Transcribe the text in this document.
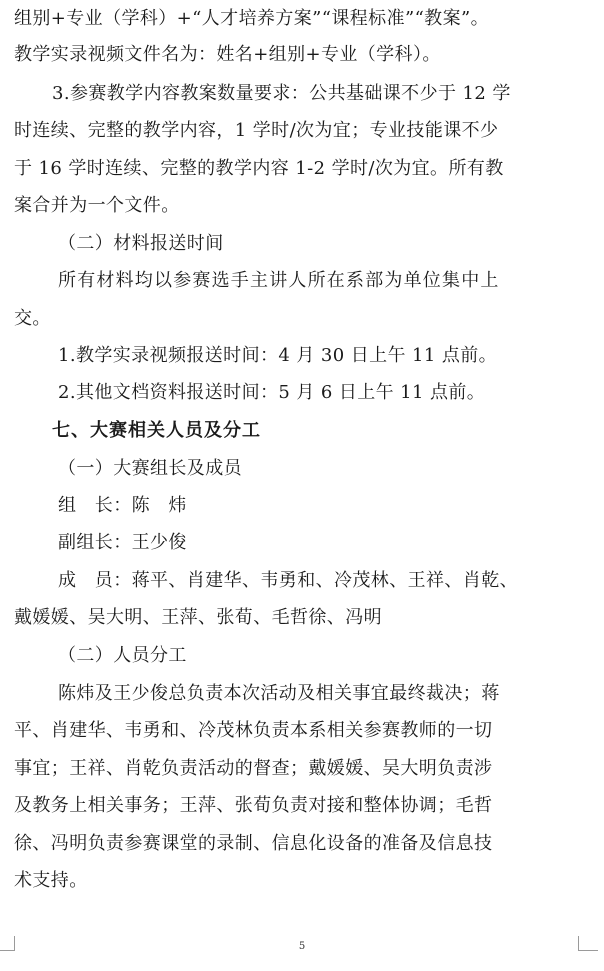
组别+专业（学科）+“人才培养方案”“课程标准”“教案”。
教学实录视频文件名为：姓名+组别+专业（学科）。
3.参赛教学内容教案数量要求：公共基础课不少于 12 学
时连续、完整的教学内容，1 学时/次为宜；专业技能课不少
于 16 学时连续、完整的教学内容 1-2 学时/次为宜。所有教
案合并为一个文件。
（二）材料报送时间
所有材料均以参赛选手主讲人所在系部为单位集中上
交。
1.教学实录视频报送时间：4 月 30 日上午 11 点前。
2.其他文档资料报送时间：5 月 6 日上午 11 点前。
七、大赛相关人员及分工
（一）大赛组长及成员
组　长：陈　炜
副组长：王少俊
成　员：蒋平、肖建华、韦勇和、冷茂林、王祥、肖乾、
戴媛媛、吴大明、王萍、张荀、毛哲徐、冯明
（二）人员分工
陈炜及王少俊总负责本次活动及相关事宜最终裁决；蒋
平、肖建华、韦勇和、冷茂林负责本系相关参赛教师的一切
事宜；王祥、肖乾负责活动的督查；戴媛媛、吴大明负责涉
及教务上相关事务；王萍、张荀负责对接和整体协调；毛哲
徐、冯明负责参赛课堂的录制、信息化设备的准备及信息技
术支持。
5
